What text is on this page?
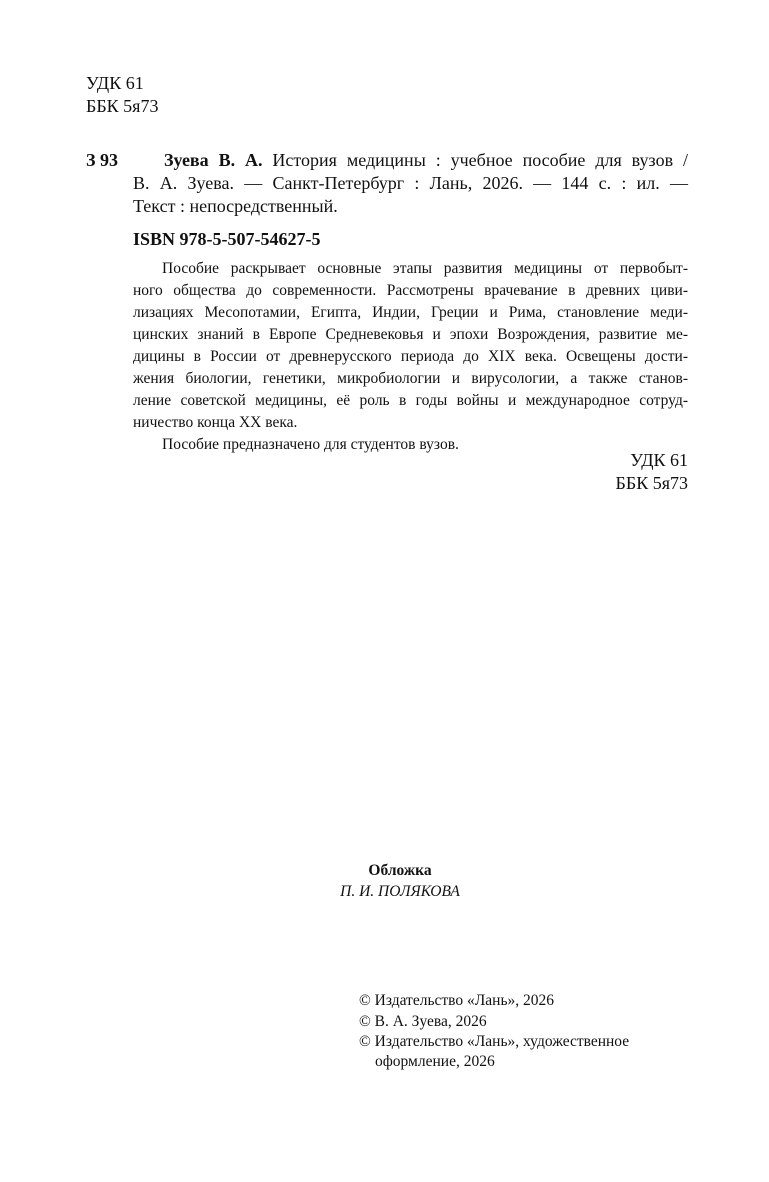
УДК 61
ББК 5я73
З 93	Зуева В. А. История медицины : учебное пособие для вузов /
В. А. Зуева. — Санкт-Петербург : Лань, 2026. — 144 с. : ил. —
Текст : непосредственный.
ISBN 978-5-507-54627-5
Пособие раскрывает основные этапы развития медицины от первобыт-
ного общества до современности. Рассмотрены врачевание в древних циви-
лизациях Месопотамии, Египта, Индии, Греции и Рима, становление меди-
цинских знаний в Европе Средневековья и эпохи Возрождения, развитие ме-
дицины в России от древнерусского периода до XIX века. Освещены дости-
жения биологии, генетики, микробиологии и вирусологии, а также станов-
ление советской медицины, её роль в годы войны и международное сотруд-
ничество конца XX века.
Пособие предназначено для студентов вузов.
УДК 61
ББК 5я73
Обложка
П. И. ПОЛЯКОВА
© Издательство «Лань», 2026
© В. А. Зуева, 2026
© Издательство «Лань», художественное
оформление, 2026
